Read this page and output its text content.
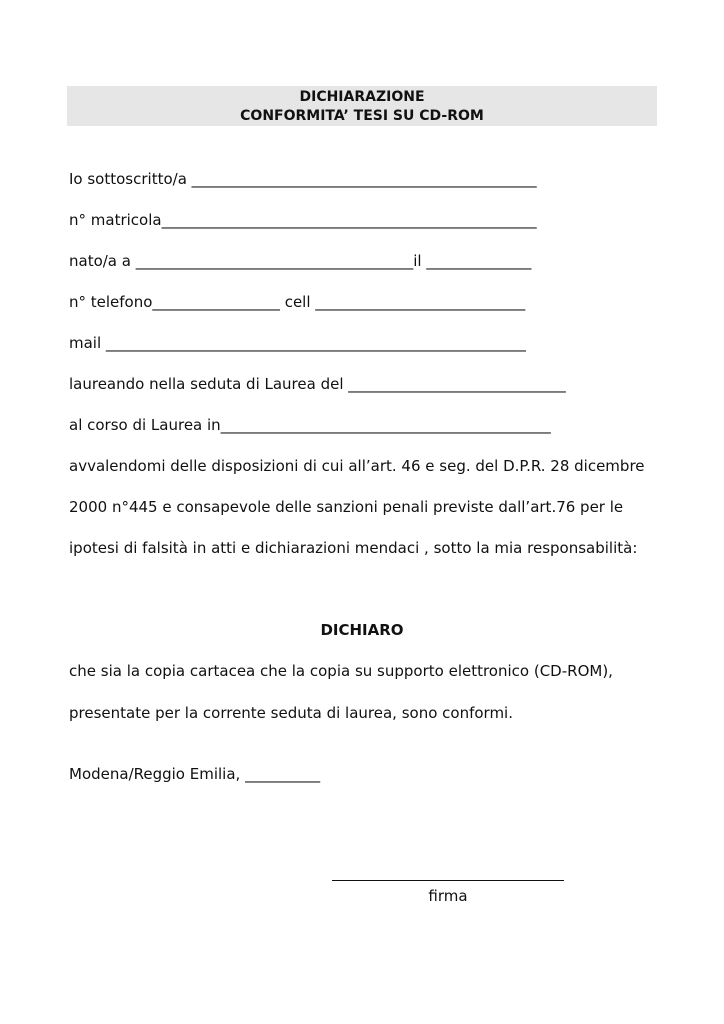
DICHIARAZIONE
CONFORMITA’ TESI SU CD-ROM
Io sottoscritto/a ______________________________________________
n° matricola__________________________________________________
nato/a a _____________________________________il ______________
n° telefono_________________ cell ____________________________
mail ________________________________________________________
laureando nella seduta di Laurea del _____________________________
al corso di Laurea in____________________________________________
avvalendomi delle disposizioni di cui all’art. 46 e seg. del D.P.R. 28 dicembre
2000 n°445 e consapevole delle sanzioni penali previste dall’art.76 per le
ipotesi di falsità in atti e dichiarazioni mendaci , sotto la mia responsabilità:
DICHIARO
che sia la copia cartacea che la copia su supporto elettronico (CD-ROM),
presentate per la corrente seduta di laurea, sono conformi.
Modena/Reggio Emilia, __________
firma
